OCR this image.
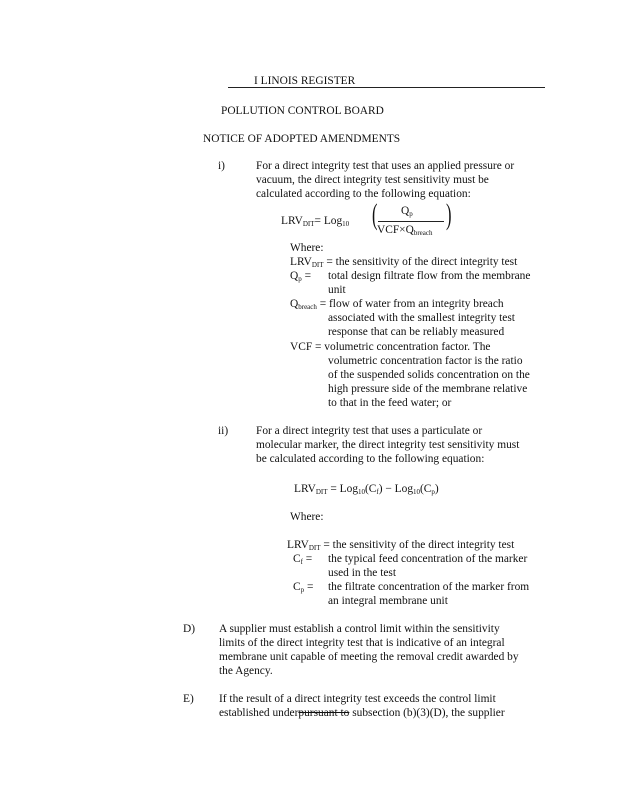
I LINOIS REGISTER
POLLUTION CONTROL BOARD
NOTICE OF ADOPTED AMENDMENTS
i)	For a direct integrity test that uses an applied pressure or
vacuum, the direct integrity test sensitivity must be
calculated according to the following equation:
$LRV_{DIT}= Log_{10}$ ( $Q_p$
$VCF\times Q_{breach}$
)
Where:
$LRV_{DIT}$ = the sensitivity of the direct integrity test
$Q_p$ = total design filtrate flow from the membrane
unit
$Q_{breach}$ = flow of water from an integrity breach
associated with the smallest integrity test
response that can be reliably measured
VCF = volumetric concentration factor. The
volumetric concentration factor is the ratio
of the suspended solids concentration on the
high pressure side of the membrane relative
to that in the feed water; or
ii) For a direct integrity test that uses a particulate or
molecular marker, the direct integrity test sensitivity must
be calculated according to the following equation:
$LRV_{DIT} = Log_{10}(C_f) - Log_{10}(C_p)$
Where:
$LRV_{DIT}$ = the sensitivity of the direct integrity test
$C_f$ = the typical feed concentration of the marker
used in the test
$C_p$ = the filtrate concentration of the marker from
an integral membrane unit
D) A supplier must establish a control limit within the sensitivity
limits of the direct integrity test that is indicative of an integral
membrane unit capable of meeting the removal credit awarded by
the Agency.
E) If the result of a direct integrity test exceeds the control limit
established underpursuant to subsection (b)(3)(D), the supplier
